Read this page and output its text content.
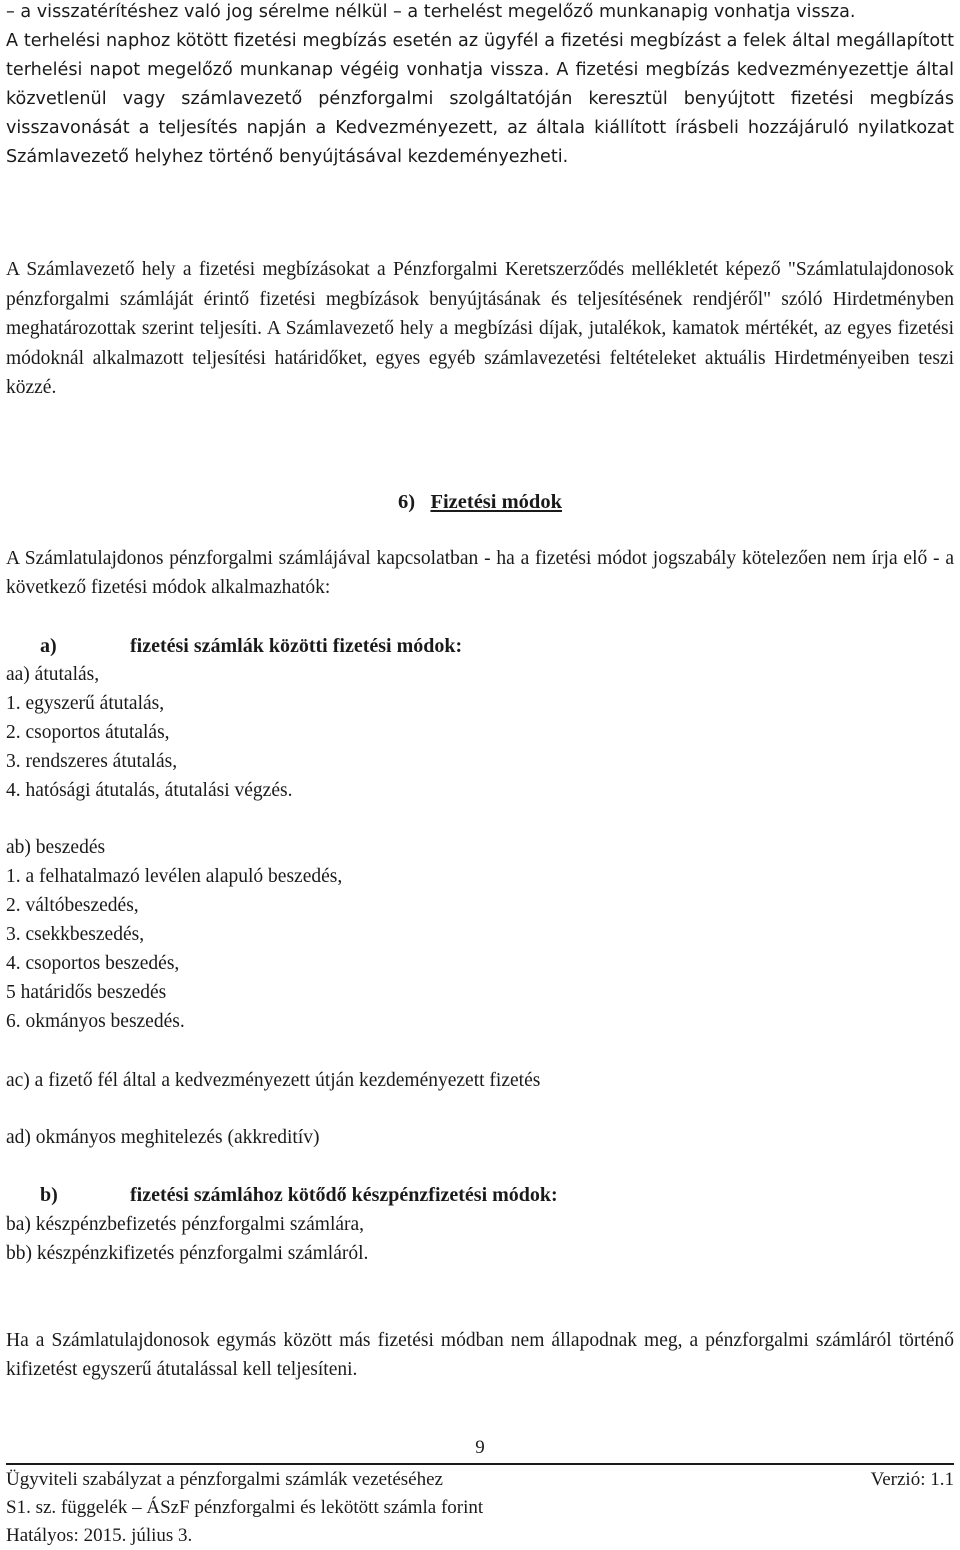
– a visszatérítéshez való jog sérelme nélkül – a terhelést megelőző munkanapig vonhatja vissza.

A terhelési naphoz kötött fizetési megbízás esetén az ügyfél a fizetési megbízást a felek által megállapított terhelési napot megelőző munkanap végéig vonhatja vissza. A fizetési megbízás kedvezményezettje által közvetlenül vagy számlavezető pénzforgalmi szolgáltatóján keresztül benyújtott fizetési megbízás visszavonását a teljesítés napján a Kedvezményezett, az általa kiállított írásbeli hozzájáruló nyilatkozat Számlavezető helyhez történő benyújtásával kezdeményezheti.

A Számlavezető hely a fizetési megbízásokat a Pénzforgalmi Keretszerződés mellékletét képező "Számlatulajdonosok pénzforgalmi számláját érintő fizetési megbízások benyújtásának és teljesítésének rendjéről" szóló Hirdetményben meghatározottak szerint teljesíti. A Számlavezető hely a megbízási díjak, jutalékok, kamatok mértékét, az egyes fizetési módoknál alkalmazott teljesítési határidőket, egyes egyéb számlavezetési feltételeket aktuális Hirdetményeiben teszi közzé.

6) Fizetési módok

A Számlatulajdonos pénzforgalmi számlájával kapcsolatban - ha a fizetési módot jogszabály kötelezően nem írja elő - a következő fizetési módok alkalmazhatók:

a)	fizetési számlák közötti fizetési módok:
aa) átutalás,
1. egyszerű átutalás,
2. csoportos átutalás,
3. rendszeres átutalás,
4. hatósági átutalás, átutalási végzés.
ab) beszedés
1. a felhatalmazó levélen alapuló beszedés,
2. váltóbeszedés,
3. csekkbeszedés,
4. csoportos beszedés,
5 határidős beszedés
6. okmányos beszedés.
ac) a fizető fél által a kedvezményezett útján kezdeményezett fizetés
ad) okmányos meghitelezés (akkreditív)
b)	fizetési számlához kötődő készpénzfizetési módok:
ba) készpénzbefizetés pénzforgalmi számlára,
bb) készpénzkifizetés pénzforgalmi számláról.

Ha a Számlatulajdonosok egymás között más fizetési módban nem állapodnak meg, a pénzforgalmi számláról történő kifizetést egyszerű átutalással kell teljesíteni.

9
Ügyviteli szabályzat a pénzforgalmi számlák vezetéséhez	Verzió: 1.1
S1. sz. függelék – ÁSzF pénzforgalmi és lekötött számla forint
Hatályos: 2015. július 3.
